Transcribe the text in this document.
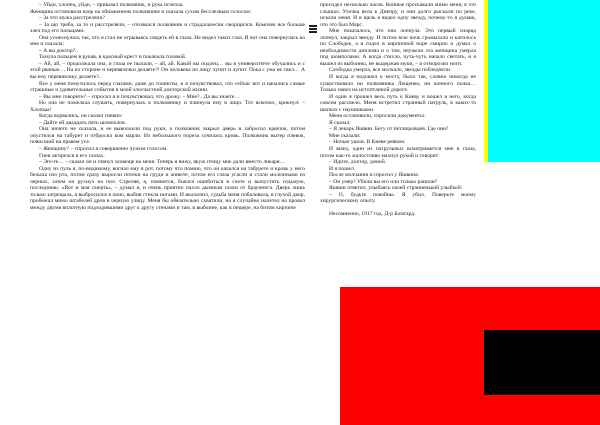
– Уйди, хлопец, уйди, – приказал полковник, и рука исчезла.

Женщина остановила взор на обнаженном полковнике и сказала сухим бесслезным голосом:

– За что мужа расстреляли?

– За що треба, за то и расстреляли, – отозвался полковник и страдальчески сморщился. Комочек все больше злел под его пальцами.

Она усмехнулась так, что я стал не отрываясь глядеть ей в глаза. Не видел таких глаз. И вот она повернулась ко мне и сказала:

– А вы доктор?..

Ткнула пальцем в рукав, в красный крест и покачала головой.

– Ай, ай, – продолжала она, и глаза ее пылали, – ай, ай. Какой вы подлец… вы в университете обучались и с этой рванью… На их стороне и перевязочки делаете?! Он человека по лицу лупит и лупит. Пока с ума не свел… А вы ему перевязочку делаете?..

Все у меня помутилось перед глазами, даже до тошноты, и я почувствовал, что сейчас вот и начались самые страшные и удивительные события в моей злосчастной докторской жизни.

– Вы мне говорите? – спросил я и почувствовал, что дрожу. – Мне?.. Да вы знаете…

Но она не пожелала слушать, повернулась к полковнику и плюнула ему в лицо. Тот вскочил, крикнул: – Хлопцы!

Когда ворвались, он сказал гневно:

– Дайте ей двадцать пять шомполов.

Она ничего не сказала, и ее выволокли под руки, а полковник закрыл дверь и забросил крючок, потом опустился на табурет и отбросил ком марли. Из небольшого пореза сочилась кровь. Полковник вытер плевок, повисший на правом усе.

– Женщину? – спросил я совершенно чужим голосом.

Гнев загорелся в его глазах.

– Эге-ге… – сказал он и глянул зловеще на меня. Теперь я вижу, якую птицу мне дали вместо ликаря…

Одну из пуль я, по-видимому, вогнал ему в рот, потому что помню, что он качался на табурете и кровь у него бежала изо рта, потом сразу выросли потеки на груди и животе, потом его глаза угасли и стали молочными из черных, затем он рухнул на пол. Стреляя, я, помнится, боялся ошибиться в счете и выпустить седьмую, последнюю. «Вот и моя смерть», – думал я, и очень приятно пахло дымным газом от браунинга. Дверь лишь только затрещала, я выбросился в окно, выбив стекла ногами. И выскочил, судьба меня побаловала, в глухой двор, пробежал мимо штабелей дров в черную улицу. Меня бы обязательно схватили, но я случайно налетел на провал между двумя вплотную подходившими друг к другу стенами и там, в выбоине, как в пещере, на битом кирпиче

просидел несколько часов. Конные проскакали мимо меня, я это слышал. Улочка вела к Днепру, и они долго рыскали по реке, искали меня. И в щель я видел одну звезду, почему-то я думаю, что это был Марс.

Мне показалось, что она лопнула. Это первый снаряд лопнул, закрыл звезду. И потом всю ночь громыхало и катилось по Слободке, а я сидел в кирпичной норе смирно и думал о необходимости диплома и о том, неужели эта женщина умерла под шомполами. А когда стихло, чуть-чуть начало светать, и я вышел из выбоины, не выдержав муки, – я отморозил ноги.

Слободка умерла, все молчало, звезды побледнели.

И когда я подошел к мосту, было так, словно никогда не существовало ни полковника Лещенко, ни конного полка… Только навоз на истоптанной дороге.

И один я прошел весь путь к Киеву и вошел в него, когда совсем рассвело. Меня встретил странный патруль, в каких-то шапках с наушниками.

Меня остановили, спросили документы.

Я сказал:

– Я лекарь Яшвин. Бегу от петлюровцев. Где они?

Мне сказали:

– Ночью ушли. В Киеве ревком.

И вижу, один из патрульных всматривается мне в глаза, потом как-то жалостливо махнул рукой и говорит:

– Идите, доктор, домой.

И я пошел.

После молчания я спросил у Яшвина:

– Он умер? Убили вы его или только ранили?

Яшвин ответил, улыбаясь своей странненькой улыбкой:

– О, будьте покойны. Я убил. Поверьте моему хирургическому опыту.

Несомненно, 1917 год. Д-р Бомгард.
